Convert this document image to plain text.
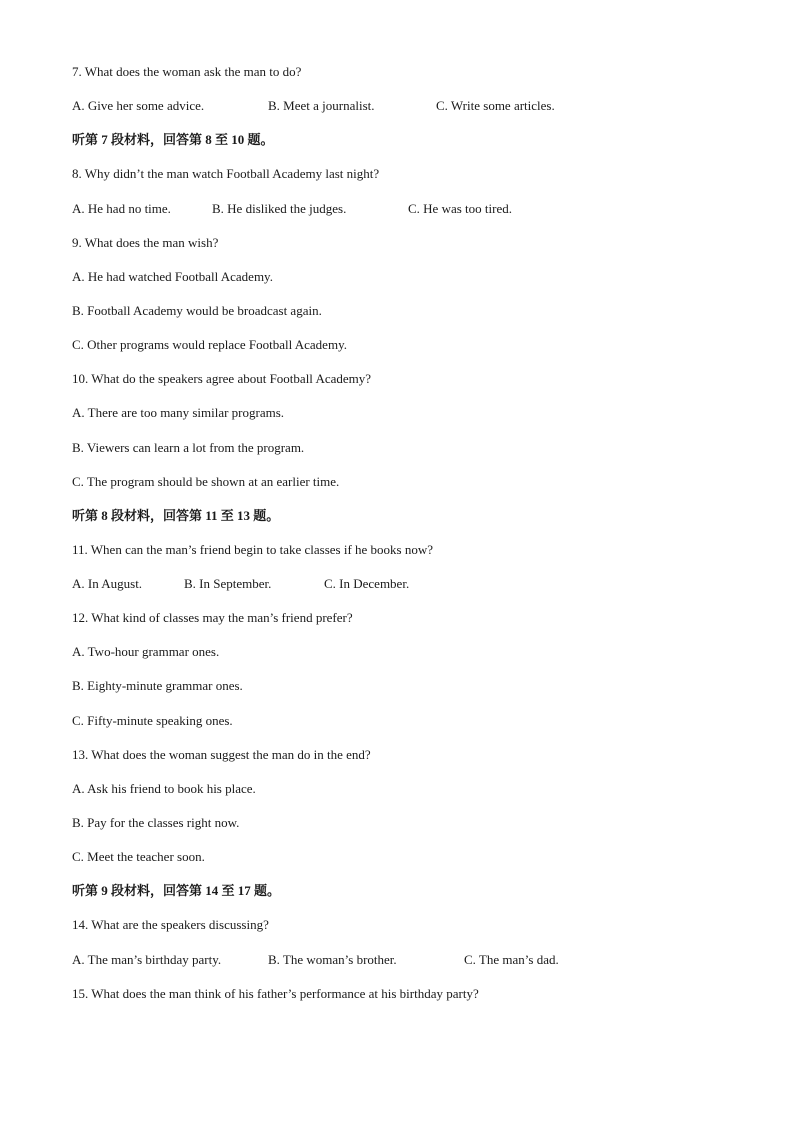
7. What does the woman ask the man to do?
A. Give her some advice.	B. Meet a journalist.	C. Write some articles.
听第 7 段材料，回答第 8 至 10 题。
8. Why didn’t the man watch Football Academy last night?
A. He had no time.	B. He disliked the judges.	C. He was too tired.
9. What does the man wish?
A. He had watched Football Academy.
B. Football Academy would be broadcast again.
C. Other programs would replace Football Academy.
10. What do the speakers agree about Football Academy?
A. There are too many similar programs.
B. Viewers can learn a lot from the program.
C. The program should be shown at an earlier time.
听第 8 段材料，回答第 11 至 13 题。
11. When can the man’s friend begin to take classes if he books now?
A. In August.	B. In September.	C. In December.
12. What kind of classes may the man’s friend prefer?
A. Two-hour grammar ones.
B. Eighty-minute grammar ones.
C. Fifty-minute speaking ones.
13. What does the woman suggest the man do in the end?
A. Ask his friend to book his place.
B. Pay for the classes right now.
C. Meet the teacher soon.
听第 9 段材料，回答第 14 至 17 题。
14. What are the speakers discussing?
A. The man’s birthday party.	B. The woman’s brother.	C. The man’s dad.
15. What does the man think of his father’s performance at his birthday party?
